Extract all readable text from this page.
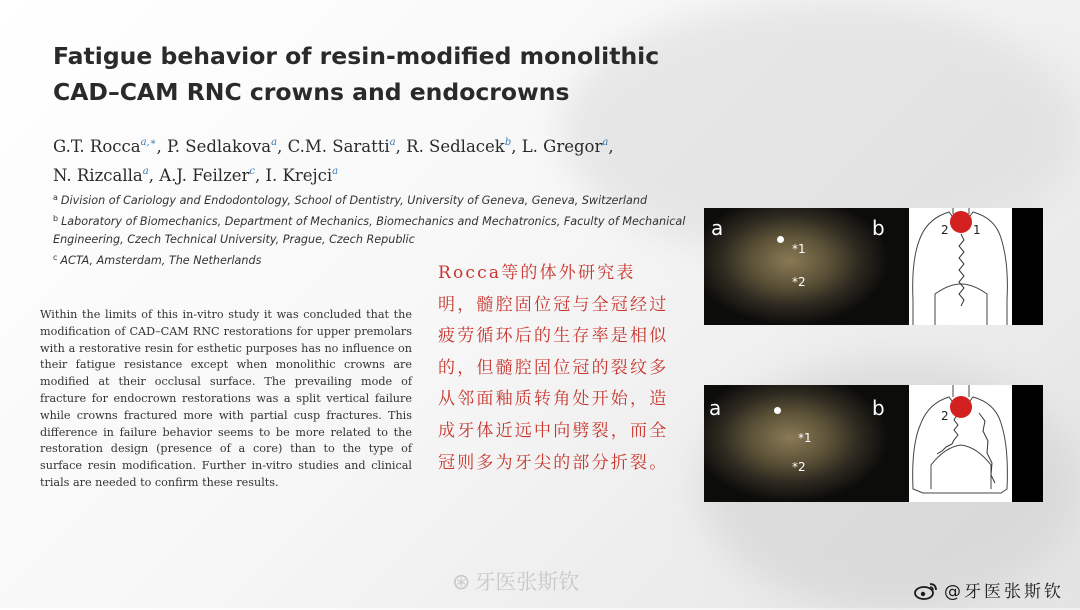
Fatigue behavior of resin-modified monolithic CAD–CAM RNC crowns and endocrowns
G.T. Rocca$^{a,∗}$, P. Sedlakova$^a$, C.M. Saratti$^a$, R. Sedlacek$^b$, L. Gregor$^a$,
N. Rizcalla$^a$, A.J. Feilzer$^c$, I. Krejci$^a$
$^a$ Division of Cariology and Endodontology, School of Dentistry, University of Geneva, Geneva, Switzerland
$^b$ Laboratory of Biomechanics, Department of Mechanics, Biomechanics and Mechatronics, Faculty of Mechanical Engineering, Czech Technical University, Prague, Czech Republic
$^c$ ACTA, Amsterdam, The Netherlands

Within the limits of this in-vitro study it was concluded that the modification of CAD–CAM RNC restorations for upper premolars with a restorative resin for esthetic purposes has no influence on their fatigue resistance except when monolithic crowns are modified at their occlusal surface. The prevailing mode of fracture for endocrown restorations was a split vertical failure while crowns fractured more with partial cusp fractures. This difference in failure behavior seems to be more related to the restoration design (presence of a core) than to the type of surface resin modification. Further in-vitro studies and clinical trials are needed to confirm these results.

Rocca等的体外研究表明，髓腔固位冠与全冠经过疲劳循环后的生存率是相似的，但髓腔固位冠的裂纹多从邻面釉质转角处开始，造成牙体近远中向劈裂，而全冠则多为牙尖的部分折裂。

a
*1
*2
b	2 1
a
*1
*2
b	2
⊛ 牙医张斯钦	@牙医张斯钦
